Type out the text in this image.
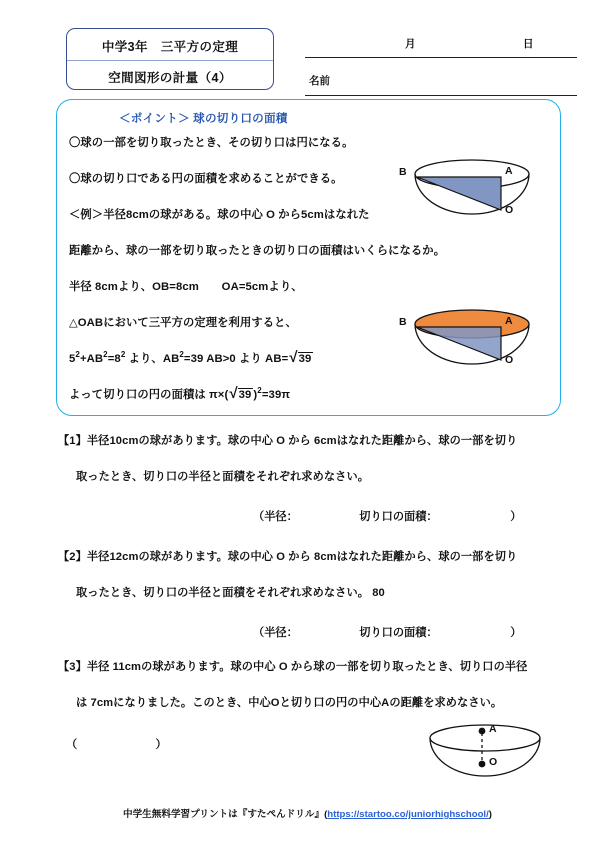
中学3年　三平方の定理
空間図形の計量（4）
月	日
名前
＜ポイント＞ 球の切り口の面積
〇球の一部を切り取ったとき、その切り口は円になる。
〇球の切り口である円の面積を求めることができる。
＜例＞半径8cmの球がある。球の中心 O から5cmはなれた
距離から、球の一部を切り取ったときの切り口の面積はいくらになるか。
半径 8cmより、OB=8cm　　OA=5cmより、
△OABにおいて三平方の定理を利用すると、
$5^2+AB^2=8^2$ より、$AB^2=39$ AB>0 より AB=√39
よって切り口の円の面積は π×(√39 )$^2$=39π
B	A
O
B	A
O
【1】半径10cmの球があります。球の中心 O から 6cmはなれた距離から、球の一部を切り
取ったとき、切り口の半径と面積をそれぞれ求めなさい。
（半径：　　　　　　切り口の面積：　　　　　　　）
【2】半径12cmの球があります。球の中心 O から 8cmはなれた距離から、球の一部を切り
取ったとき、切り口の半径と面積をそれぞれ求めなさい。 80
（半径：　　　　　　切り口の面積：　　　　　　　）
【3】半径 11cmの球があります。球の中心 O から球の一部を切り取ったとき、切り口の半径
は 7cmになりました。このとき、中心Oと切り口の円の中心Aの距離を求めなさい。
（　　　　　　　）
A
O
中学生無料学習プリントは『すたぺんドリル』(https://startoo.co/juniorhighschool/)
